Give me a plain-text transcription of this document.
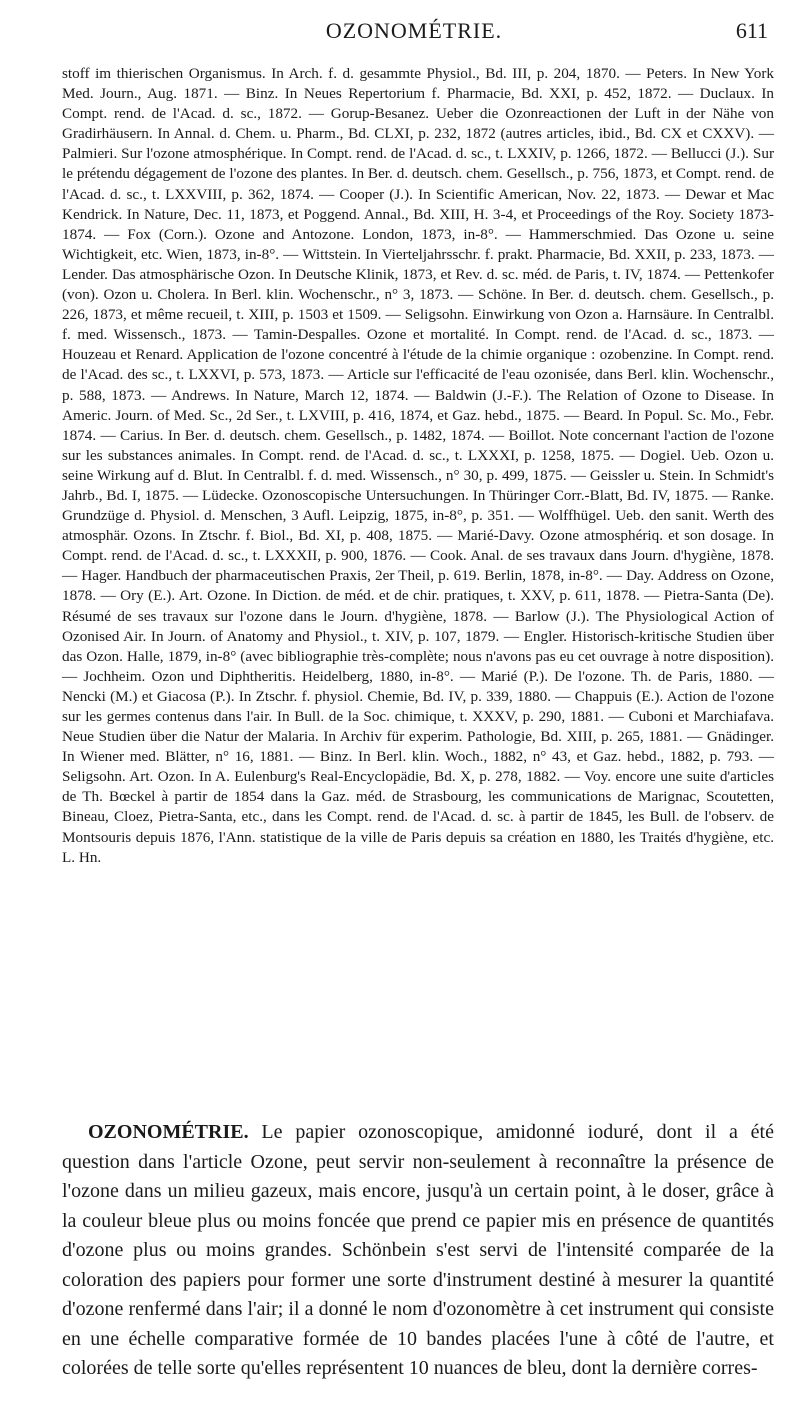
OZONOMÉTRIE.	611

stoff im thierischen Organismus. In Arch. f. d. gesammte Physiol., Bd. III, p. 204, 1870. — Peters. In New York Med. Journ., Aug. 1871. — Binz. In Neues Repertorium f. Pharmacie, Bd. XXI, p. 452, 1872. — Duclaux. In Compt. rend. de l'Acad. d. sc., 1872. — Gorup-Besanez. Ueber die Ozonreactionen der Luft in der Nähe von Gradirhäusern. In Annal. d. Chem. u. Pharm., Bd. CLXI, p. 232, 1872 (autres articles, ibid., Bd. CX et CXXV). — Palmieri. Sur l'ozone atmosphérique. In Compt. rend. de l'Acad. d. sc., t. LXXIV, p. 1266, 1872. — Bellucci (J.). Sur le prétendu dégagement de l'ozone des plantes. In Ber. d. deutsch. chem. Gesellsch., p. 756, 1873, et Compt. rend. de l'Acad. d. sc., t. LXXVIII, p. 362, 1874. — Cooper (J.). In Scientific American, Nov. 22, 1873. — Dewar et Mac Kendrick. In Nature, Dec. 11, 1873, et Poggend. Annal., Bd. XIII, H. 3-4, et Proceedings of the Roy. Society 1873-1874. — Fox (Corn.). Ozone and Antozone. London, 1873, in-8°. — Hammerschmied. Das Ozone u. seine Wichtigkeit, etc. Wien, 1873, in-8°. — Wittstein. In Vierteljahrsschr. f. prakt. Pharmacie, Bd. XXII, p. 233, 1873. — Lender. Das atmosphärische Ozon. In Deutsche Klinik, 1873, et Rev. d. sc. méd. de Paris, t. IV, 1874. — Pettenkofer (von). Ozon u. Cholera. In Berl. klin. Wochenschr., n° 3, 1873. — Schöne. In Ber. d. deutsch. chem. Gesellsch., p. 226, 1873, et même recueil, t. XIII, p. 1503 et 1509. — Seligsohn. Einwirkung von Ozon a. Harnsäure. In Centralbl. f. med. Wissensch., 1873. — Tamin-Despalles. Ozone et mortalité. In Compt. rend. de l'Acad. d. sc., 1873. — Houzeau et Renard. Application de l'ozone concentré à l'étude de la chimie organique : ozobenzine. In Compt. rend. de l'Acad. des sc., t. LXXVI, p. 573, 1873. — Article sur l'efficacité de l'eau ozonisée, dans Berl. klin. Wochenschr., p. 588, 1873. — Andrews. In Nature, March 12, 1874. — Baldwin (J.-F.). The Relation of Ozone to Disease. In Americ. Journ. of Med. Sc., 2d Ser., t. LXVIII, p. 416, 1874, et Gaz. hebd., 1875. — Beard. In Popul. Sc. Mo., Febr. 1874. — Carius. In Ber. d. deutsch. chem. Gesellsch., p. 1482, 1874. — Boillot. Note concernant l'action de l'ozone sur les substances animales. In Compt. rend. de l'Acad. d. sc., t. LXXXI, p. 1258, 1875. — Dogiel. Ueb. Ozon u. seine Wirkung auf d. Blut. In Centralbl. f. d. med. Wissensch., n° 30, p. 499, 1875. — Geissler u. Stein. In Schmidt's Jahrb., Bd. I, 1875. — Lüdecke. Ozonoscopische Untersuchungen. In Thüringer Corr.-Blatt, Bd. IV, 1875. — Ranke. Grundzüge d. Physiol. d. Menschen, 3 Aufl. Leipzig, 1875, in-8°, p. 351. — Wolffhügel. Ueb. den sanit. Werth des atmosphär. Ozons. In Ztschr. f. Biol., Bd. XI, p. 408, 1875. — Marié-Davy. Ozone atmosphériq. et son dosage. In Compt. rend. de l'Acad. d. sc., t. LXXXII, p. 900, 1876. — Cook. Anal. de ses travaux dans Journ. d'hygiène, 1878. — Hager. Handbuch der pharmaceutischen Praxis, 2er Theil, p. 619. Berlin, 1878, in-8°. — Day. Address on Ozone, 1878. — Ory (E.). Art. Ozone. In Diction. de méd. et de chir. pratiques, t. XXV, p. 611, 1878. — Pietra-Santa (De). Résumé de ses travaux sur l'ozone dans le Journ. d'hygiène, 1878. — Barlow (J.). The Physiological Action of Ozonised Air. In Journ. of Anatomy and Physiol., t. XIV, p. 107, 1879. — Engler. Historisch-kritische Studien über das Ozon. Halle, 1879, in-8° (avec bibliographie très-complète; nous n'avons pas eu cet ouvrage à notre disposition). — Jochheim. Ozon und Diphtheritis. Heidelberg, 1880, in-8°. — Marié (P.). De l'ozone. Th. de Paris, 1880. — Nencki (M.) et Giacosa (P.). In Ztschr. f. physiol. Chemie, Bd. IV, p. 339, 1880. — Chappuis (E.). Action de l'ozone sur les germes contenus dans l'air. In Bull. de la Soc. chimique, t. XXXV, p. 290, 1881. — Cuboni et Marchiafava. Neue Studien über die Natur der Malaria. In Archiv für experim. Pathologie, Bd. XIII, p. 265, 1881. — Gnädinger. In Wiener med. Blätter, n° 16, 1881. — Binz. In Berl. klin. Woch., 1882, n° 43, et Gaz. hebd., 1882, p. 793. — Seligsohn. Art. Ozon. In A. Eulenburg's Real-Encyclopädie, Bd. X, p. 278, 1882. — Voy. encore une suite d'articles de Th. Bœckel à partir de 1854 dans la Gaz. méd. de Strasbourg, les communications de Marignac, Scoutetten, Bineau, Cloez, Pietra-Santa, etc., dans les Compt. rend. de l'Acad. d. sc. à partir de 1845, les Bull. de l'observ. de Montsouris depuis 1876, l'Ann. statistique de la ville de Paris depuis sa création en 1880, les Traités d'hygiène, etc. L. Hn.

OZONOMÉTRIE. Le papier ozonoscopique, amidonné ioduré, dont il a été question dans l'article Ozone, peut servir non-seulement à reconnaître la présence de l'ozone dans un milieu gazeux, mais encore, jusqu'à un certain point, à le doser, grâce à la couleur bleue plus ou moins foncée que prend ce papier mis en présence de quantités d'ozone plus ou moins grandes. Schönbein s'est servi de l'intensité comparée de la coloration des papiers pour former une sorte d'instrument destiné à mesurer la quantité d'ozone renfermé dans l'air; il a donné le nom d'ozonomètre à cet instrument qui consiste en une échelle comparative formée de 10 bandes placées l'une à côté de l'autre, et colorées de telle sorte qu'elles représentent 10 nuances de bleu, dont la dernière corres-
